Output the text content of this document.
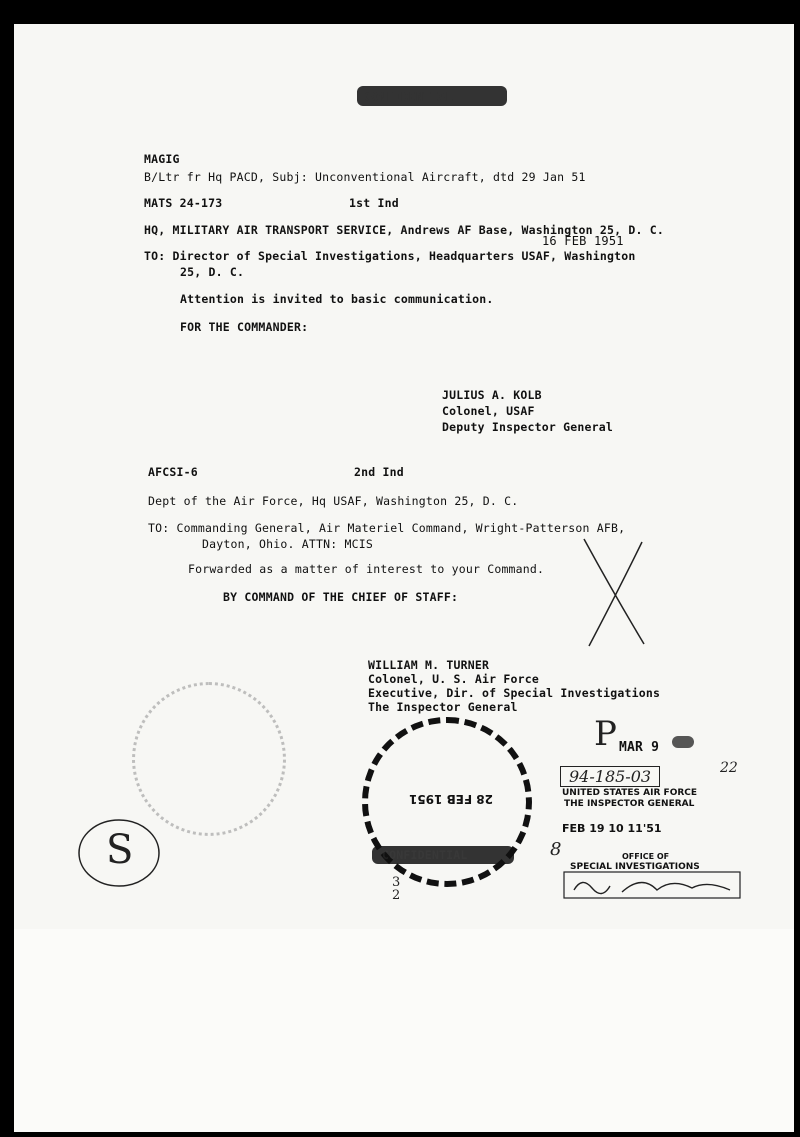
CONFIDENTIAL
MAGIG
B/Ltr fr Hq PACD, Subj: Unconventional Aircraft, dtd 29 Jan 51
MATS 24-173	1st Ind
HQ, MILITARY AIR TRANSPORT SERVICE, Andrews AF Base, Washington 25, D. C.
16 FEB 1951
TO: Director of Special Investigations, Headquarters USAF, Washington
25, D. C.
Attention is invited to basic communication.
FOR THE COMMANDER:
JULIUS A. KOLB
Colonel, USAF
Deputy Inspector General
AFCSI-6	2nd Ind
Dept of the Air Force, Hq USAF, Washington 25, D. C.
TO: Commanding General, Air Materiel Command, Wright-Patterson AFB,
Dayton, Ohio. ATTN: MCIS
Forwarded as a matter of interest to your Command.
BY COMMAND OF THE CHIEF OF STAFF:
WILLIAM M. TURNER
Colonel, U. S. Air Force
Executive, Dir. of Special Investigations
The Inspector General
S
28 FEB 1951
CONFIDENTIAL
3
2
P MAR 9
94-185-03	22
UNITED STATES AIR FORCE
THE INSPECTOR GENERAL
FEB 19 10 11'51
8	OFFICE OF
SPECIAL INVESTIGATIONS
